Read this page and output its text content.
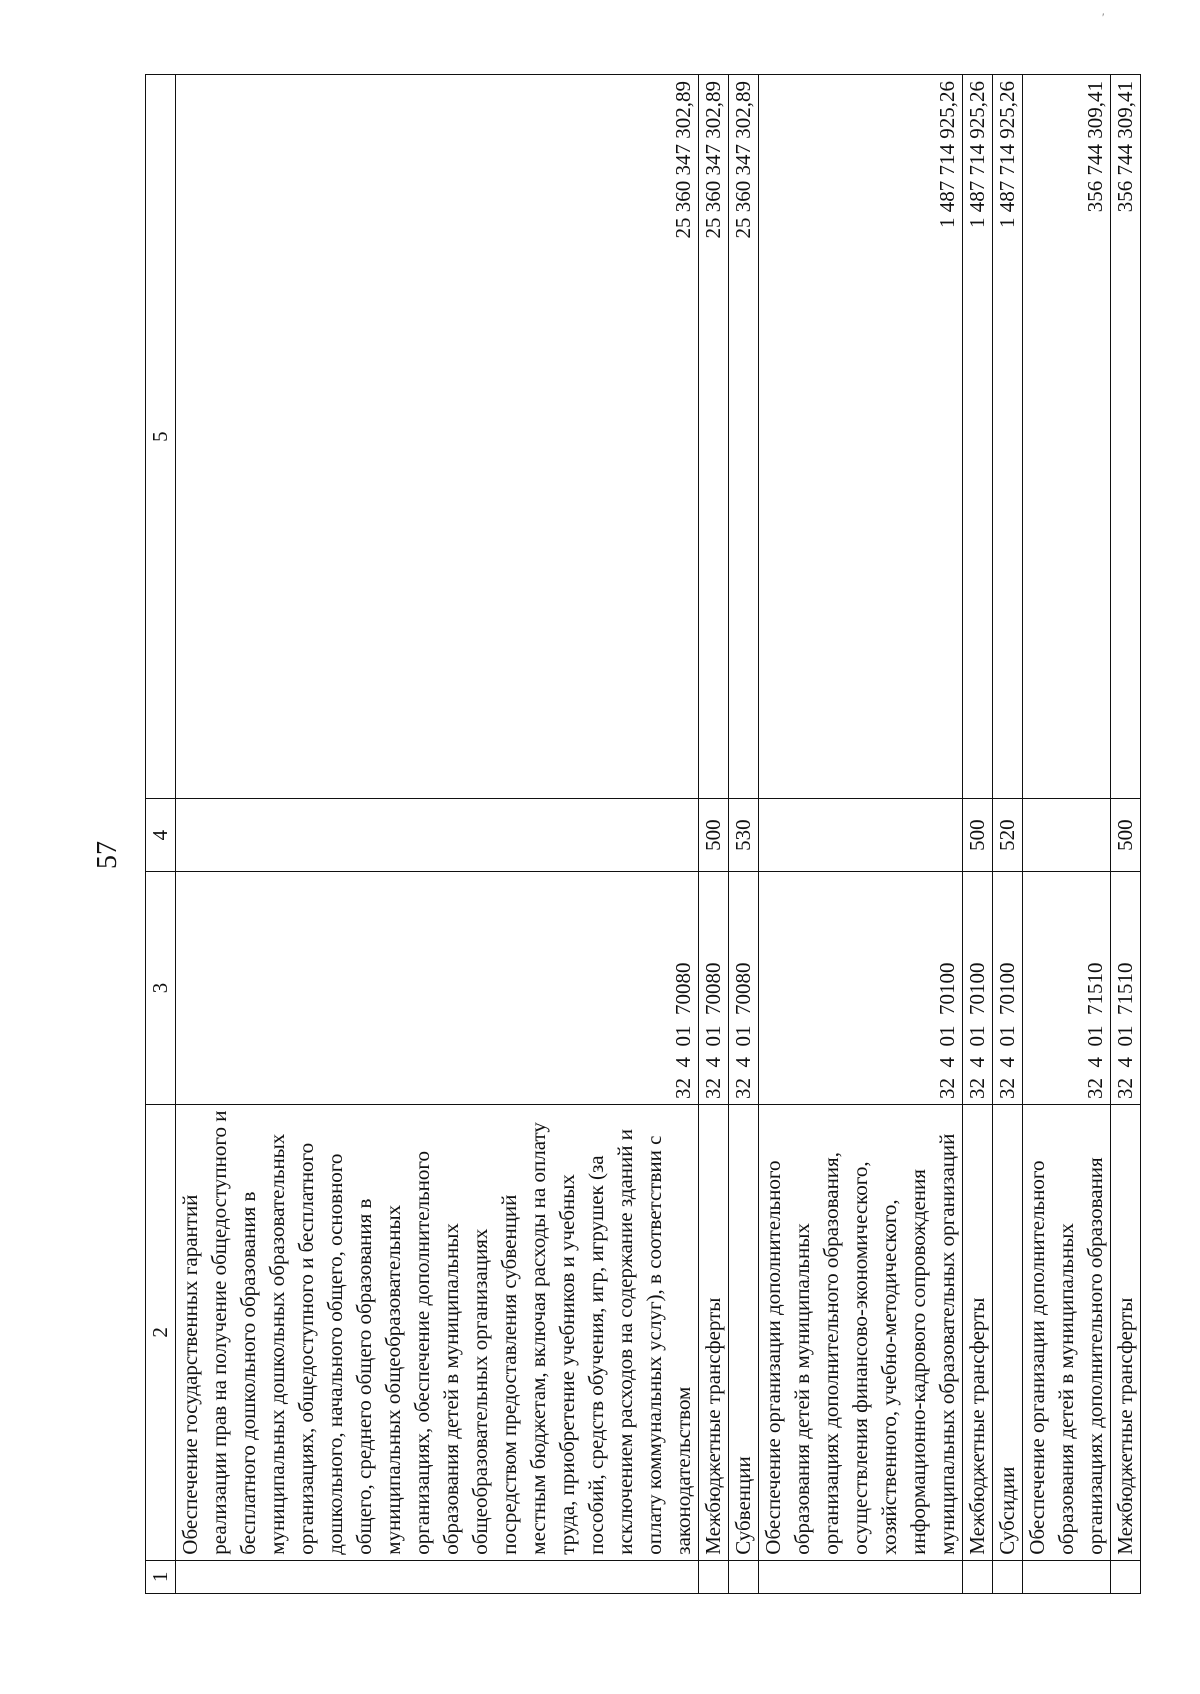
57
′
1	2	3	4	5
	Обеспечение государственных гарантий реализации прав на получение общедоступного и бесплатного дошкольного образования в муниципальных дошкольных образовательных организациях, общедоступного и бесплатного дошкольного, начального общего, основного общего, среднего общего образования в муниципальных общеобразовательных организациях, обеспечение дополнительного образования детей в муниципальных общеобразовательных организациях посредством предоставления субвенций местным бюджетам, включая расходы на оплату труда, приобретение учебников и учебных пособий, средств обучения, игр, игрушек (за исключением расходов на содержание зданий и оплату коммунальных услуг), в соответствии с законодательством	32  4  01  70080		25 360 347 302,89
	Межбюджетные трансферты	32  4  01  70080	500	25 360 347 302,89
	Субвенции	32  4  01  70080	530	25 360 347 302,89
	Обеспечение организации дополнительного образования детей в муниципальных организациях дополнительного образования, осуществления финансово-экономического, хозяйственного, учебно-методического, информационно-кадрового сопровождения муниципальных образовательных организаций	32  4  01  70100		1 487 714 925,26
	Межбюджетные трансферты	32  4  01  70100	500	1 487 714 925,26
	Субсидии	32  4  01  70100	520	1 487 714 925,26
	Обеспечение организации дополнительного образования детей в муниципальных организациях дополнительного образования	32  4  01  71510		356 744 309,41
	Межбюджетные трансферты	32  4  01  71510	500	356 744 309,41
